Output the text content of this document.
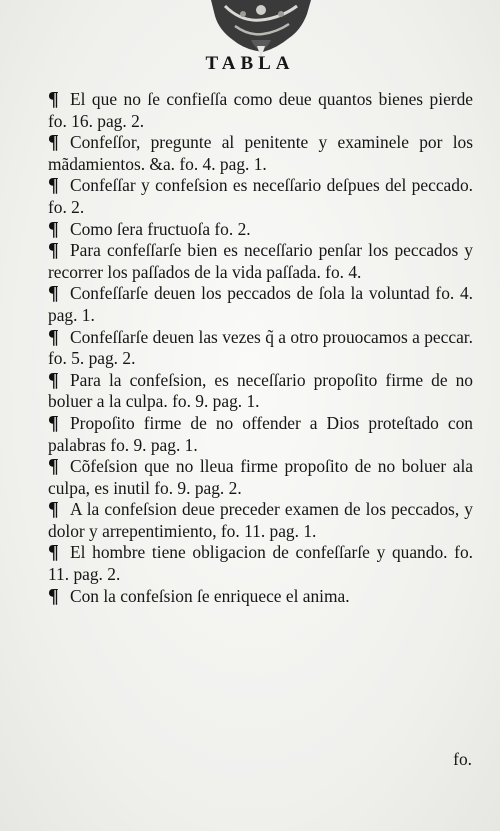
TABLA

¶ El que no ſe confieſſa como deue quantos bienes pierde fo. 16. pag. 2.

¶ Confeſſor, pregunte al penitente y examinele por los mãdamientos. &a. fo. 4. pag. 1.

¶ Confeſſar y confeſsion es neceſſario deſpues del peccado. fo. 2.

¶ Como ſera fructuoſa fo. 2.

¶ Para confeſſarſe bien es neceſſario penſar los peccados y recorrer los paſſados de la vida paſſada. fo. 4.

¶ Confeſſarſe deuen los peccados de ſola la voluntad fo. 4. pag. 1.

¶ Confeſſarſe deuen las vezes q̃ a otro prouocamos a peccar. fo. 5. pag. 2.

¶ Para la confeſsion, es neceſſario propoſito firme de no boluer a la culpa. fo. 9. pag. 1.

¶ Propoſito firme de no offender a Dios proteſtado con palabras fo. 9. pag. 1.

¶ Cõfeſsion que no lleua firme propoſito de no boluer ala culpa, es inutil fo. 9. pag. 2.

¶ A la confeſsion deue preceder examen de los peccados, y dolor y arrepentimiento, fo. 11. pag. 1.

¶ El hombre tiene obligacion de confeſſarſe y quando. fo. 11. pag. 2.

¶ Con la confeſsion ſe enriquece el anima.

fo.
